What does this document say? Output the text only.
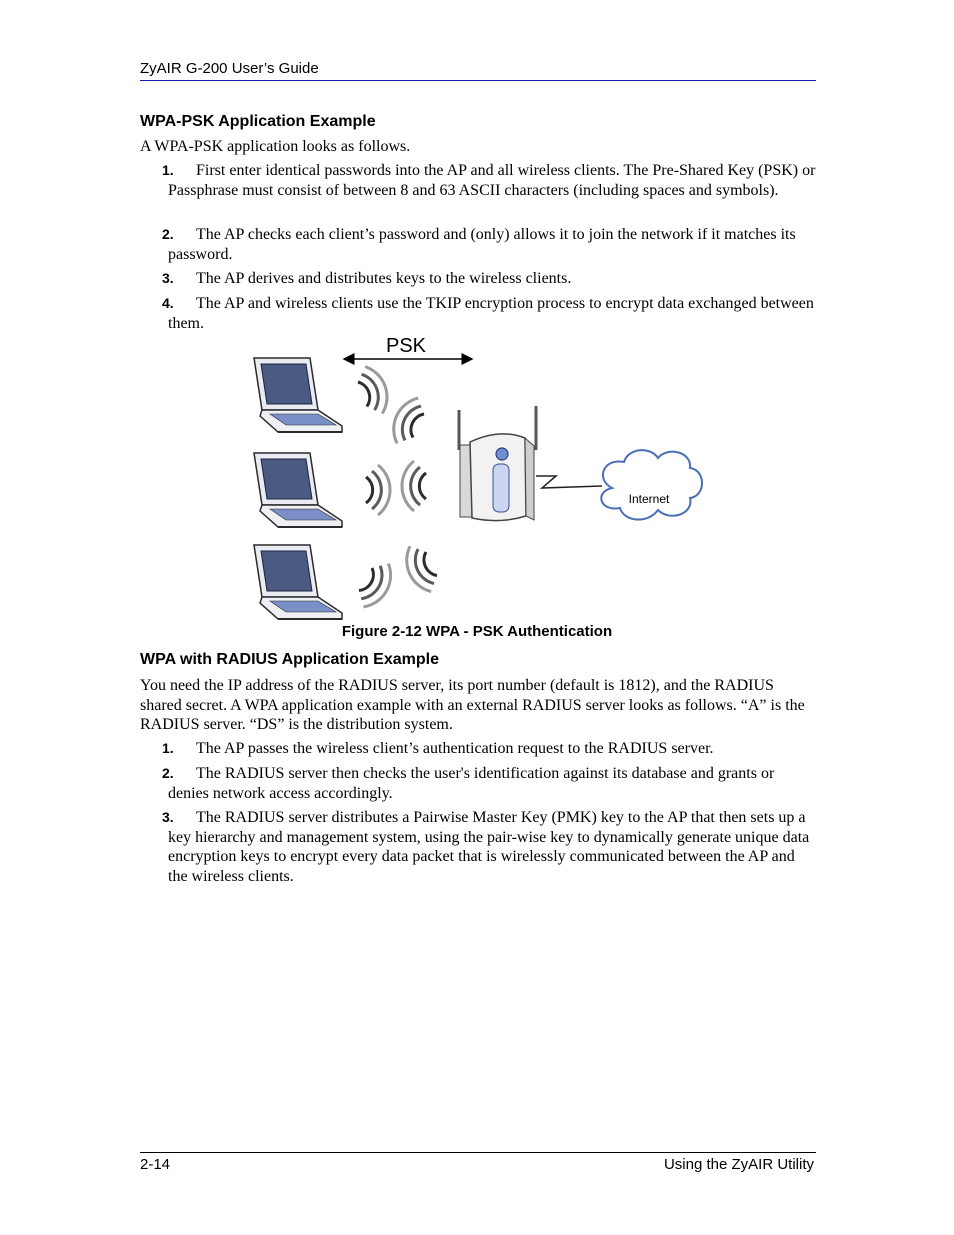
ZyAIR G-200 User’s Guide
WPA-PSK Application Example
A WPA-PSK application looks as follows.
1.	First enter identical passwords into the AP and all wireless clients. The Pre-Shared Key (PSK) or Passphrase must consist of between 8 and 63 ASCII characters (including spaces and symbols).
2.	The AP checks each client’s password and (only) allows it to join the network if it matches its password.
3.	The AP derives and distributes keys to the wireless clients.
4.	The AP and wireless clients use the TKIP encryption process to encrypt data exchanged between them.
PSK
Internet
Figure 2-12 WPA - PSK Authentication
WPA with RADIUS Application Example
You need the IP address of the RADIUS server, its port number (default is 1812), and the RADIUS shared secret. A WPA application example with an external RADIUS server looks as follows. “A” is the RADIUS server. “DS” is the distribution system.
1.	The AP passes the wireless client’s authentication request to the RADIUS server.
2.	The RADIUS server then checks the user's identification against its database and grants or denies network access accordingly.
3.	The RADIUS server distributes a Pairwise Master Key (PMK) key to the AP that then sets up a key hierarchy and management system, using the pair-wise key to dynamically generate unique data encryption keys to encrypt every data packet that is wirelessly communicated between the AP and the wireless clients.
2-14	Using the ZyAIR Utility
